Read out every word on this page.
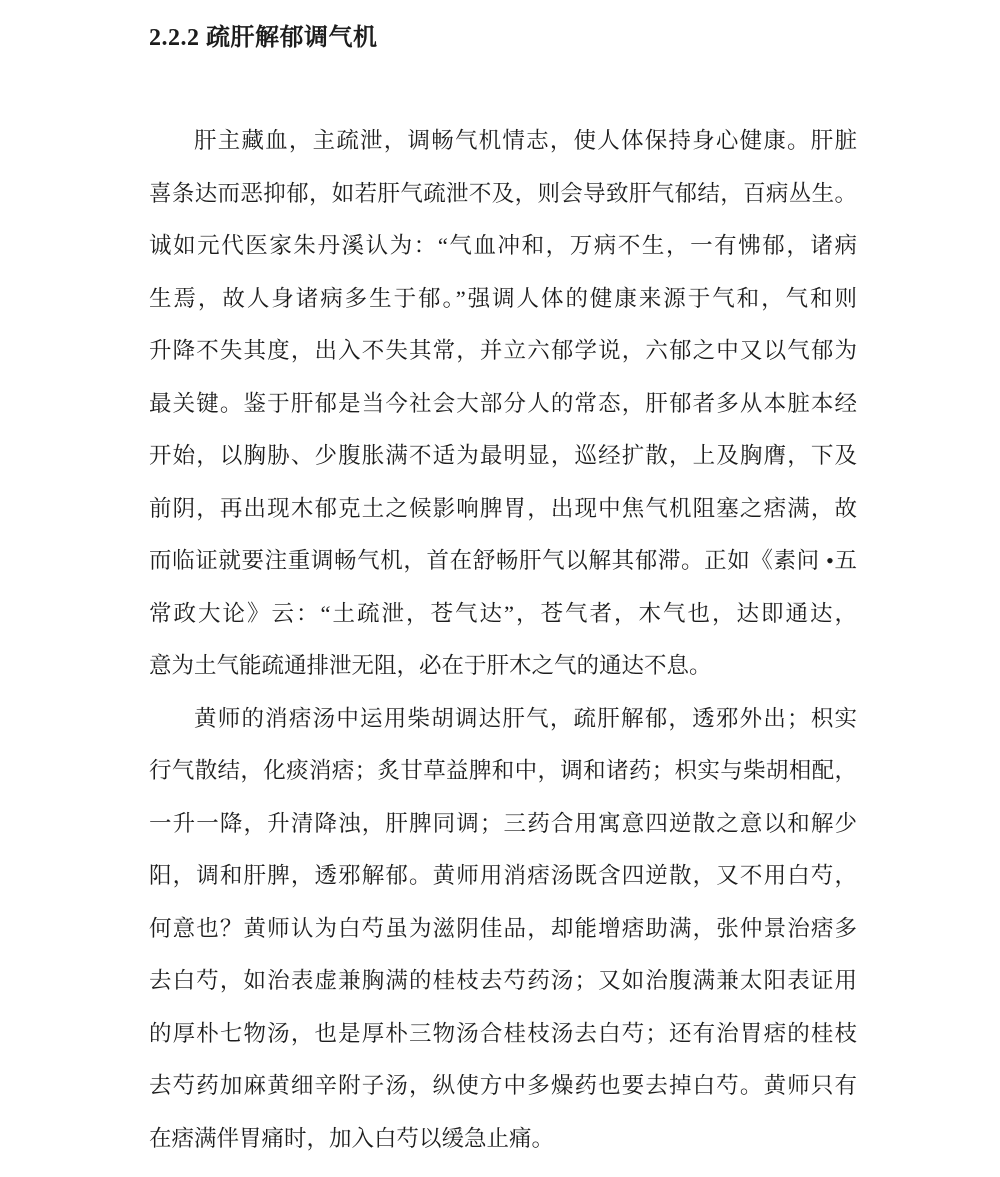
2.2.2 疏肝解郁调气机
肝主藏血，主疏泄，调畅气机情志，使人体保持身心健康。肝脏
喜条达而恶抑郁，如若肝气疏泄不及，则会导致肝气郁结，百病丛生。
诚如元代医家朱丹溪认为：“气血冲和，万病不生，一有怫郁，诸病
生焉，故人身诸病多生于郁。”强调人体的健康来源于气和，气和则
升降不失其度，出入不失其常，并立六郁学说，六郁之中又以气郁为
最关键。鉴于肝郁是当今社会大部分人的常态，肝郁者多从本脏本经
开始，以胸胁、少腹胀满不适为最明显，巡经扩散，上及胸膺，下及
前阴，再出现木郁克土之候影响脾胃，出现中焦气机阻塞之痞满，故
而临证就要注重调畅气机，首在舒畅肝气以解其郁滞。正如《素问 •五
常政大论》云：“土疏泄，苍气达”，苍气者，木气也，达即通达，
意为土气能疏通排泄无阻，必在于肝木之气的通达不息。
黄师的消痞汤中运用柴胡调达肝气，疏肝解郁，透邪外出；枳实
行气散结，化痰消痞；炙甘草益脾和中，调和诸药；枳实与柴胡相配，
一升一降，升清降浊，肝脾同调；三药合用寓意四逆散之意以和解少
阳，调和肝脾，透邪解郁。黄师用消痞汤既含四逆散，又不用白芍，
何意也？黄师认为白芍虽为滋阴佳品，却能增痞助满，张仲景治痞多
去白芍，如治表虚兼胸满的桂枝去芍药汤；又如治腹满兼太阳表证用
的厚朴七物汤，也是厚朴三物汤合桂枝汤去白芍；还有治胃痞的桂枝
去芍药加麻黄细辛附子汤，纵使方中多燥药也要去掉白芍。黄师只有
在痞满伴胃痛时，加入白芍以缓急止痛。
